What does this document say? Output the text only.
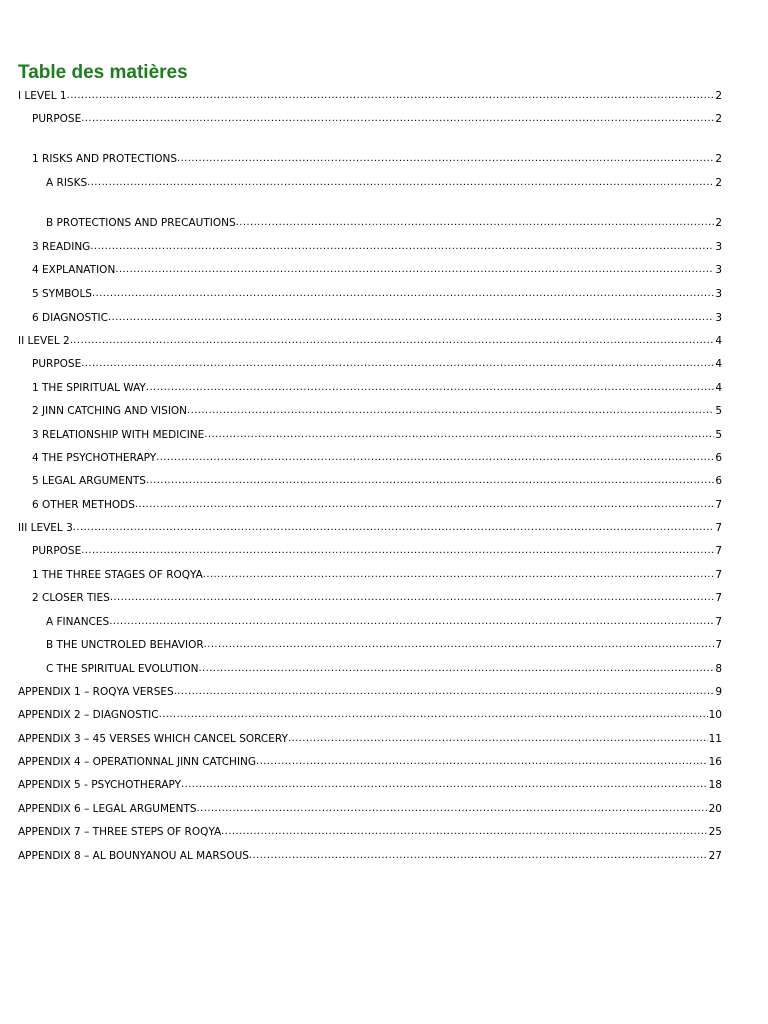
Table des matières
I LEVEL 1 .....	2
PURPOSE .....	2
1 RISKS AND PROTECTIONS .....	2
A RISKS .....	2
B PROTECTIONS AND PRECAUTIONS .....	2
3 READING .....	3
4 EXPLANATION .....	3
5 SYMBOLS .....	3
6 DIAGNOSTIC .....	3
II LEVEL 2 .....	4
PURPOSE .....	4
1 THE SPIRITUAL WAY .....	4
2 JINN CATCHING AND VISION .....	5
3 RELATIONSHIP WITH MEDICINE .....	5
4 THE PSYCHOTHERAPY .....	6
5 LEGAL ARGUMENTS .....	6
6 OTHER METHODS .....	7
III LEVEL 3 .....	7
PURPOSE .....	7
1 THE THREE STAGES OF ROQYA .....	7
2 CLOSER TIES .....	7
A FINANCES .....	7
B THE UNCTROLED BEHAVIOR .....	7
C THE SPIRITUAL EVOLUTION .....	8
APPENDIX 1 – ROQYA VERSES .....	9
APPENDIX 2 – DIAGNOSTIC .....	10
APPENDIX 3 – 45 VERSES WHICH CANCEL SORCERY .....	11
APPENDIX 4 – OPERATIONNAL JINN CATCHING .....	16
APPENDIX 5 - PSYCHOTHERAPY .....	18
APPENDIX 6 – LEGAL ARGUMENTS .....	20
APPENDIX 7 – THREE STEPS OF ROQYA .....	25
APPENDIX 8 – AL BOUNYANOU AL MARSOUS .....	27
